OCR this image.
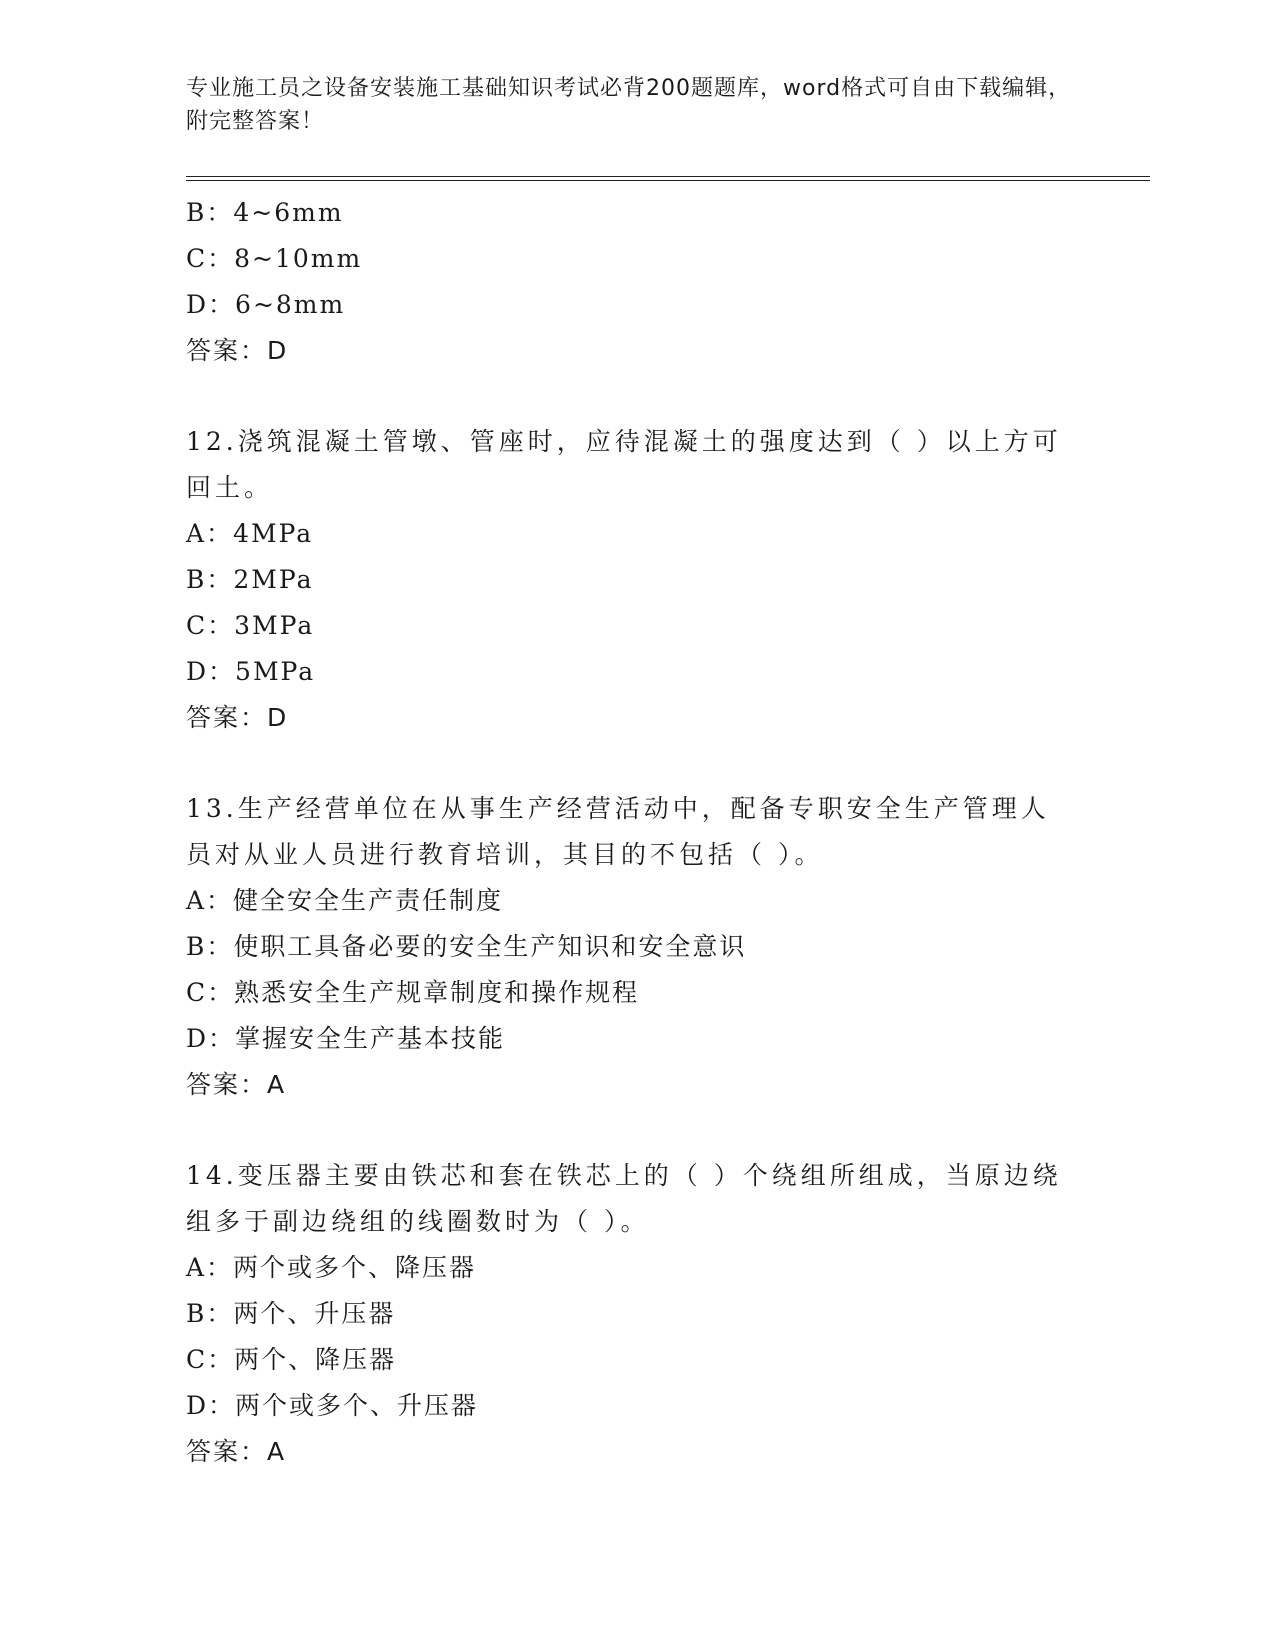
专业施工员之设备安装施工基础知识考试必背200题题库，word格式可自由下载编辑，附完整答案！
B：4~6mm
C：8~10mm
D：6~8mm
答案：D
12.浇筑混凝土管墩、管座时，应待混凝土的强度达到（ ）以上方可回土。
A：4MPa
B：2MPa
C：3MPa
D：5MPa
答案：D
13.生产经营单位在从事生产经营活动中，配备专职安全生产管理人员对从业人员进行教育培训，其目的不包括（ ）。
A：健全安全生产责任制度
B：使职工具备必要的安全生产知识和安全意识
C：熟悉安全生产规章制度和操作规程
D：掌握安全生产基本技能
答案：A
14.变压器主要由铁芯和套在铁芯上的（ ）个绕组所组成，当原边绕组多于副边绕组的线圈数时为（ ）。
A：两个或多个、降压器
B：两个、升压器
C：两个、降压器
D：两个或多个、升压器
答案：A
